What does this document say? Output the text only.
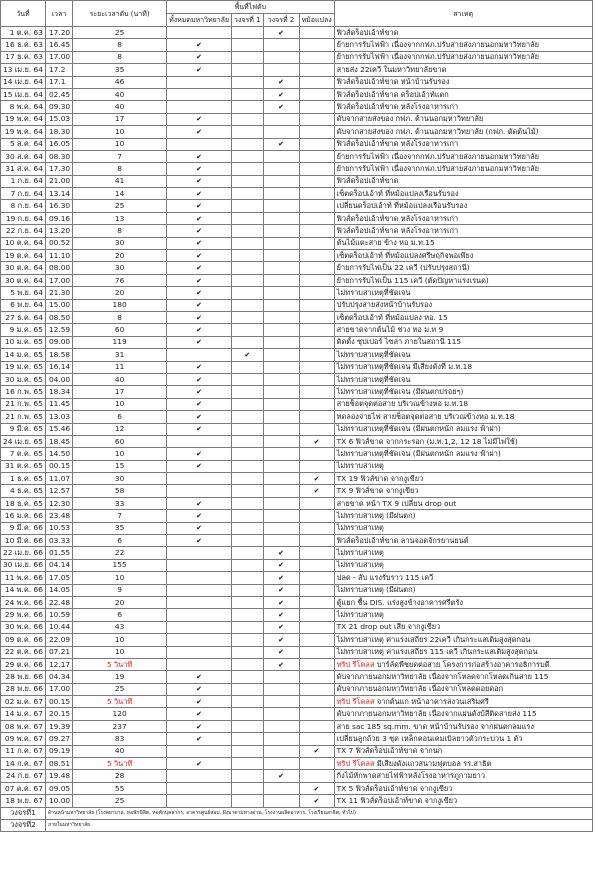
วันที่	เวลา	ระยะเวลาดับ (นาที)	พื้นที่ไฟดับ				สาเหตุ
			ทั้งหมดมหาวิทยาลัย	วงจรที่ 1	วงจรที่ 2	หม้อแปลง	
1 ต.ค. 63	17.20	25			✔		ฟิวส์ดร็อปเอ้าท์ขาด
16 ธ.ค. 63	16.45	8	✔				ย้ายการรับไฟฟ้า เนื่องจากกฟภ.ปรับสายส่งภายนอกมหาวิทยาลัย
17 ธ.ค. 63	17.00	8	✔				ย้ายการรับไฟฟ้า เนื่องจากกฟภ.ปรับสายส่งภายนอกมหาวิทยาลัย
13 เม.ย. 64	17.2	35	✔				สายส่ง 22เควี ในมหาวิทยาลัยขาด
14 เม.ย. 64	17.1	46			✔		ฟิวส์ดร็อปเอ้าท์ขาด หน้าบ้านรับรอง
15 เม.ย. 64	02.45	40			✔		ฟิวส์ดร็อปเอ้าท์ขาด ดร็อปเอ้าท์แตก
8 พ.ค. 64	09.30	40			✔		ฟิวส์ดร็อปเอ้าท์ขาด หลังโรงอาหารเก่า
19 พ.ค. 64	15.03	17	✔				ดับจากสายส่งของ กฟภ. ด้านนอกมหาวิทยาลัย
19 พ.ค. 64	18.30	10	✔				ดับจากสายส่งของ กฟภ. ด้านนอกมหาวิทยาลัย (กฟภ. ตัดต้นไม้)
5 ส.ค. 64	16.05	10			✔		ฟิวส์ดร็อปเอ้าท์ขาด หลังโรงอาหารเก่า
30 ส.ค. 64	08.30	7	✔				ย้ายการรับไฟฟ้า เนื่องจากกฟภ.ปรับสายส่งภายนอกมหาวิทยาลัย
31 ส.ค. 64	17.30	8	✔				ย้ายการรับไฟฟ้า เนื่องจากกฟภ.ปรับสายส่งภายนอกมหาวิทยาลัย
1 ก.ย. 64	21.00	41	✔				ฟิวส์ดร็อปเอ้าท์ขาด
7 ก.ย. 64	13.14	14	✔				เซ็ตดร็อปเอ้าท์ ที่หม้อแปลงเรือนรับรอง
8 ก.ย. 64	16.30	25	✔				เปลี่ยนดร็อปเอ้าท์ ที่หม้อแปลงเรือนรับรอง
19 ก.ย. 64	09.16	13	✔				ฟิวส์ดร็อปเอ้าท์ขาด หลังโรงอาหารเก่า
22 ก.ย. 64	13.20	8	✔				ฟิวส์ดร็อปเอ้าท์ขาด หลังโรงอาหารเก่า
10 ต.ค. 64	00.52	30	✔				ต้นไม้แตะสาย ข้าง หอ ม.ท.15
19 ต.ค. 64	11.10	20	✔				เซ็ตดร็อปเอ้าท์ ที่หม้อแปลงศรีษฤกิจพอเพียง
30 ต.ค. 64	08.00	30	✔				ย้ายการรับไฟเป็น 22 เควี (ปรับปรุงสถานี)
30 ต.ค. 64	17.00	76	✔				ย้ายการรับไฟเป็น 115 เควี (ตัดปัญหาแรงเรนด)
5 พ.ย. 64	21.30	20	✔				ไม่ทราบสาเหตุที่ชัดเจน
6 พ.ย. 64	15.00	180	✔				ปรับปรุงสายส่งหน้าบ้านรับรอง
27 ธ.ค. 64	08.50	8	✔				เซ็ตดร็อปเอ้าท์ ที่หม้อแปลง หอ. 15
9 ม.ค. 65	12.59	60	✔				สายขาดจากต้นไม้ ช่วง หอ ม.ท 9
10 ม.ค. 65	09.00	119	✔				ติดตั้ง ซุปเปอร์ ไซล่า ภายในสถานี 115
14 ม.ค. 65	18.58	31		✔			ไม่ทราบสาเหตุที่ชัดเจน
19 ม.ค. 65	16.14	11	✔				ไม่ทราบสาเหตุที่ชัดเจน มีเสียงดังที่ ม.ท.18
30 ม.ค. 65	04.00	40	✔				ไม่ทราบสาเหตุที่ชัดเจน
16 ก.พ. 65	18.34	17	✔				ไม่ทราบสาเหตุที่ชัดเจน (มีฝนตกปรอยๆ)
21 ก.พ. 65	11.45	10	✔				สายช็อตจุดต่อสาย บริเวณข้างหอ ม.ท.18
21 ก.พ. 65	13.03	6	✔				ทดลองจ่ายไฟ สายช็อตจุดต่อสาย บริเวณข้างหอ ม.ท.18
9 มี.ค. 65	15.46	12	✔				ไม่ทราบสาเหตุที่ชัดเจน (มีฝนตกหนัก ลมแรง ฟ้าผ่า)
24 เม.ย. 65	18.45	60				✔	TX 6 ฟิวส์ขาด จากกระรอก (ม.ท.1,2, 12 18 ไม่มีไฟใช้)
7 ต.ค. 65	14.50	10	✔				ไม่ทราบสาเหตุที่ชัดเจน (มีฝนตกหนัก ลมแรง ฟ้าผ่า)
31 ต.ค. 65	00.15	15	✔				ไม่ทราบสาเหตุ
1 ธ.ค. 65	11.07	30				✔	TX 19 ฟิวส์ขาด จากงูเขียว
4 ธ.ค. 65	12.57	58				✔	TX 9 ฟิวส์ขาด จากงูเขียว
18 ธ.ค. 65	12.30	33	✔				สายขาด หน้า TX 9 เปลี่ยน drop out
16 ม.ค. 66	23.48	7	✔				ไม่ทราบสาเหตุ (มีฝนตก)
9 มี.ค. 66	10.53	35	✔				ไม่ทราบสาเหตุ
10 มี.ค. 66	03.33	6	✔				ฟิวส์ดร็อปเอ้าท์ขาด ลานจอดจักรยานยนต์
22 เม.ย. 66	01.55	22			✔		ไม่ทราบสาเหตุ
30 เม.ย. 66	04.14	155			✔		ไม่ทราบสาเหตุ
11 พ.ค. 66	17.05	10			✔		ปลด - สับ แรงรับราว 115 เควี
14 พ.ค. 66	14.05	9			✔		ไม่ทราบสาเหตุ (มีฝนตก)
24 พ.ค. 66	22.48	20			✔		ตู้แยก ชื้น DIS. แร่งสูงข้างอาคารศรีตรัง
29 พ.ค. 66	10.59	6			✔		ไม่ทราบสาเหตุ
30 พ.ค. 66	10.44	43			✔		TX 21 drop out เสีย จากงูเขียว
09 ต.ค. 66	22.09	10			✔		ไม่ทราบสาเหตุ ค่าแรงเสถียร 22เควี เกินกระแสเดิมสูงสุดกอน
22 ต.ค. 66	07.21	10			✔		ไม่ทราบสาเหตุ ค่าแรงเสถียร 115 เควี เกินกระแสเดิมสูงสุดกอน
29 ต.ค. 66	12.17	5 วินาที			✔		ทริป รีโคลส บาร์ลัดพืชยดต่อสาย โครงการก่อสร้างอาคารอธิการบดี
28 พ.ย. 66	04.34	19	✔				ดับจากภายนอกมหาวิทยาลัย เนื่องจากโหลดจากโหลดเกินสาย 115
28 พ.ย. 66	17.00	25	✔				ดับจากภายนอกมหาวิทยาลัย เนื่องจากโหลดดอยดอก
02 ม.ค. 67	00.15	5 วินาที	✔				ทริป รีโคลส จากต้นแก หน้าอาคารสงวนเสริมศรี
14 ม.ค. 67	20.15	120	✔				ดับจากภายนอกมหาวิทยาลัย เนื่องจากแผ่นดังบ้สีติดสายส่ง 115
08 พ.ค. 67	19.39	237	✔				สาย sac 185 sq.mm. ขาด หน้าบ้านรับรอง จากฝนตกลมแรง
09 พ.ค. 67	09.27	83	✔				เปลี่ยนลูกถ้วย 3 ชุด เหล็กคอนเคมเบิลยาวตัวกระบวน 1 ตัว
11 ก.ค. 67	09.19	40				✔	TX 7 ฟิวส์ดร็อปเอ้าท์ขาด จากนก
14 ก.ค. 67	08.51	5 วินาที	✔				ทริป รีโคลส มีเสียงดังแถวสนามฟุตบอล รร.สาธิต
24 ก.ย. 67	19.48	28			✔		กิ่งไม้หักพาดสายไฟฟ้าหลังโรงอาหารภูกามยาว
07 ต.ค. 67	09.05	55				✔	TX 5 ฟิวส์ดร็อปเอ้าท์ขาด จากงูเขียว
18 พ.ย. 67	10.00	25				✔	TX 11 ฟิวส์ดร็อปเอ้าท์ขาด จากงูเขียว
วงจรที่1	ด้านหน้ามหาวิทยาลัย (โรงพยาบาล, หอพักนิสิต, หอพักบุคลากร, อาคารศูนย์สอบ, ฝั่งมาตามทางด่วน, โรงงานผลิตอาหาร, โรงเรียนสาธิต, ทั่วไป)						
วงจรที่2	ภายในมหาวิทยาลัย						
